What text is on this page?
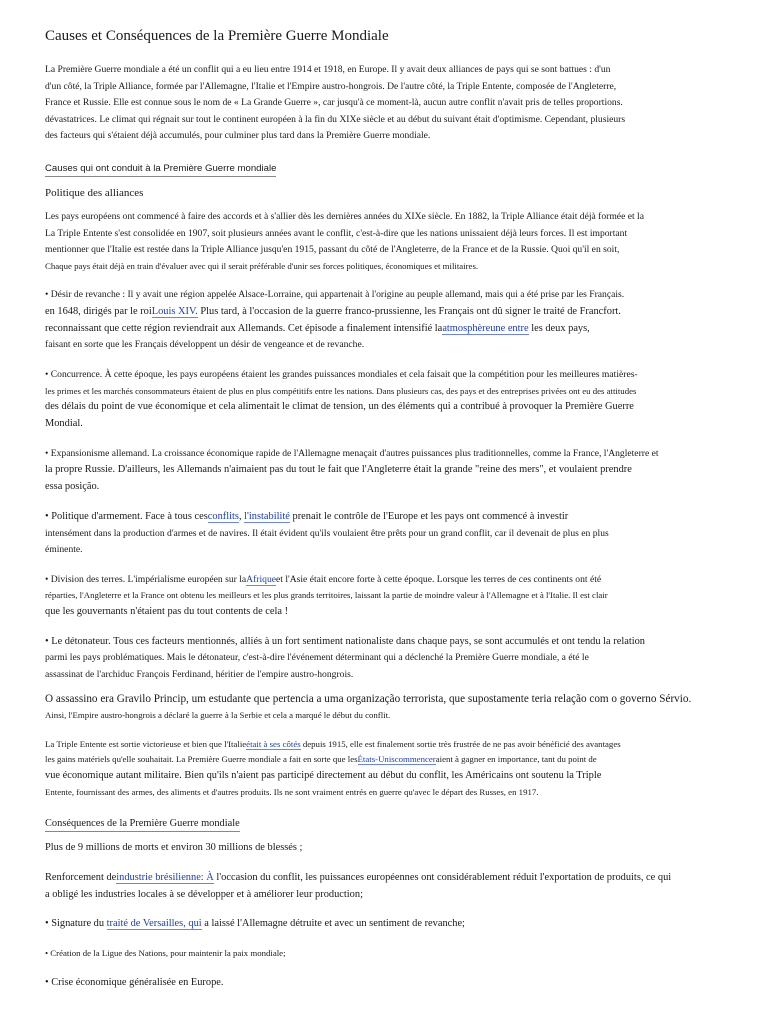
Causes et Conséquences de la Première Guerre Mondiale

La Première Guerre mondiale a été un conflit qui a eu lieu entre 1914 et 1918, en Europe. Il y avait deux alliances de pays qui se sont battues : d'un
d'un côté, la Triple Alliance, formée par l'Allemagne, l'Italie et l'Empire austro-hongrois. De l'autre côté, la Triple Entente, composée de l'Angleterre,
France et Russie. Elle est connue sous le nom de « La Grande Guerre », car jusqu'à ce moment-là, aucun autre conflit n'avait pris de telles proportions.
dévastatrices. Le climat qui régnait sur tout le continent européen à la fin du XIXe siècle et au début du suivant était d'optimisme. Cependant, plusieurs
des facteurs qui s'étaient déjà accumulés, pour culminer plus tard dans la Première Guerre mondiale.

Causes qui ont conduit à la Première Guerre mondiale

Politique des alliances

Les pays européens ont commencé à faire des accords et à s'allier dès les dernières années du XIXe siècle. En 1882, la Triple Alliance était déjà formée et la
La Triple Entente s'est consolidée en 1907, soit plusieurs années avant le conflit, c'est-à-dire que les nations unissaient déjà leurs forces. Il est important
mentionner que l'Italie est restée dans la Triple Alliance jusqu'en 1915, passant du côté de l'Angleterre, de la France et de la Russie. Quoi qu'il en soit,
Chaque pays était déjà en train d'évaluer avec qui il serait préférable d'unir ses forces politiques, économiques et militaires.

• Désir de revanche : Il y avait une région appelée Alsace-Lorraine, qui appartenait à l'origine au peuple allemand, mais qui a été prise par les Français.
en 1648, dirigés par le roiLouis XIV. Plus tard, à l'occasion de la guerre franco-prussienne, les Français ont dû signer le traité de Francfort.
reconnaissant que cette région reviendrait aux Allemands. Cet épisode a finalement intensifié laatmosphèreune entre les deux pays,
faisant en sorte que les Français développent un désir de vengeance et de revanche.

• Concurrence. À cette époque, les pays européens étaient les grandes puissances mondiales et cela faisait que la compétition pour les meilleures matières-
les primes et les marchés consommateurs étaient de plus en plus compétitifs entre les nations. Dans plusieurs cas, des pays et des entreprises privées ont eu des attitudes
des délais du point de vue économique et cela alimentait le climat de tension, un des éléments qui a contribué à provoquer la Première Guerre
Mondial.

• Expansionisme allemand. La croissance économique rapide de l'Allemagne menaçait d'autres puissances plus traditionnelles, comme la France, l'Angleterre et
la propre Russie. D'ailleurs, les Allemands n'aimaient pas du tout le fait que l'Angleterre était la grande "reine des mers", et voulaient prendre
essa posição.

• Politique d'armement. Face à tous cesconflits, l'instabilité prenait le contrôle de l'Europe et les pays ont commencé à investir
intensément dans la production d'armes et de navires. Il était évident qu'ils voulaient être prêts pour un grand conflit, car il devenait de plus en plus
éminente.

• Division des terres. L'impérialisme européen sur laAfriqueet l'Asie était encore forte à cette époque. Lorsque les terres de ces continents ont été
réparties, l'Angleterre et la France ont obtenu les meilleurs et les plus grands territoires, laissant la partie de moindre valeur à l'Allemagne et à l'Italie. Il est clair
que les gouvernants n'étaient pas du tout contents de cela !

• Le détonateur. Tous ces facteurs mentionnés, alliés à un fort sentiment nationaliste dans chaque pays, se sont accumulés et ont tendu la relation
parmi les pays problématiques. Mais le détonateur, c'est-à-dire l'événement déterminant qui a déclenché la Première Guerre mondiale, a été le
assassinat de l'archiduc François Ferdinand, héritier de l'empire austro-hongrois.

O assassino era Gravilo Princip, um estudante que pertencia a uma organização terrorista, que supostamente teria relação com o governo Sérvio.
Ainsi, l'Empire austro-hongrois a déclaré la guerre à la Serbie et cela a marqué le début du conflit.

La Triple Entente est sortie victorieuse et bien que l'Italieétait à ses côtés depuis 1915, elle est finalement sortie très frustrée de ne pas avoir bénéficié des avantages
les gains matériels qu'elle souhaitait. La Première Guerre mondiale a fait en sorte que lesÉtats-Uniscommenceraient à gagner en importance, tant du point de
vue économique autant militaire. Bien qu'ils n'aient pas participé directement au début du conflit, les Américains ont soutenu la Triple
Entente, fournissant des armes, des aliments et d'autres produits. Ils ne sont vraiment entrés en guerre qu'avec le départ des Russes, en 1917.

Conséquences de la Première Guerre mondiale

Plus de 9 millions de morts et environ 30 millions de blessés ;

Renforcement deindustrie brésilienne: À l'occasion du conflit, les puissances européennes ont considérablement réduit l'exportation de produits, ce qui
a obligé les industries locales à se développer et à améliorer leur production;

• Signature du traité de Versailles, qui a laissé l'Allemagne détruite et avec un sentiment de revanche;

• Création de la Ligue des Nations, pour maintenir la paix mondiale;

• Crise économique généralisée en Europe.
